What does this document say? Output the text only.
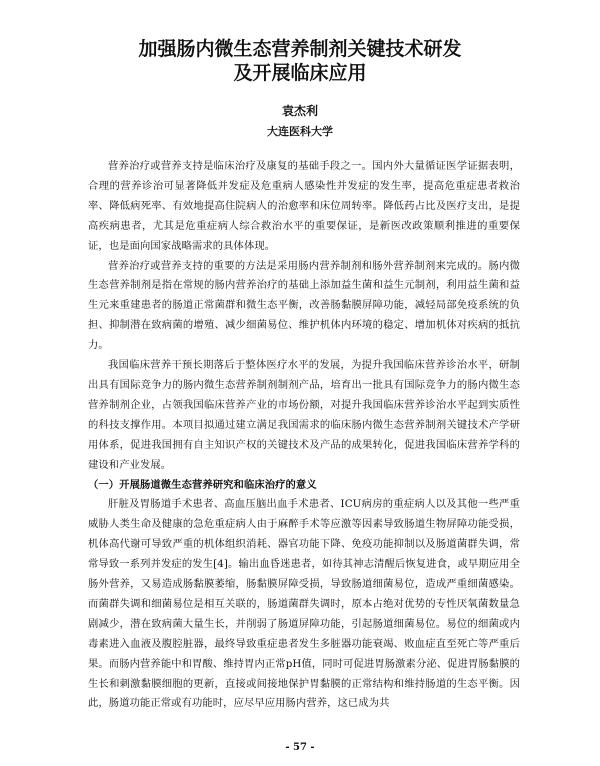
加强肠内微生态营养制剂关键技术研发
及开展临床应用
袁杰利
大连医科大学

营养治疗或营养支持是临床治疗及康复的基础手段之一。国内外大量循证医学证据表明，合理的营养诊治可显著降低并发症及危重病人感染性并发症的发生率，提高危重症患者救治率、降低病死率、有效地提高住院病人的治愈率和床位周转率。降低药占比及医疗支出，是提高疾病患者，尤其是危重症病人综合救治水平的重要保证，是新医改政策顺利推进的重要保证，也是面向国家战略需求的具体体现。

营养治疗或营养支持的重要的方法是采用肠内营养制剂和肠外营养制剂来完成的。肠内微生态营养制剂是指在常规的肠内营养治疗的基础上添加益生菌和益生元制剂，利用益生菌和益生元来重建患者的肠道正常菌群和微生态平衡，改善肠黏膜屏障功能，减轻局部免疫系统的负担、抑制潜在致病菌的增殖、减少细菌易位、维护机体内环境的稳定、增加机体对疾病的抵抗力。

我国临床营养干预长期落后于整体医疗水平的发展，为提升我国临床营养诊治水平，研制出具有国际竞争力的肠内微生态营养制剂制剂产品，培育出一批具有国际竞争力的肠内微生态营养制剂企业，占领我国临床营养产业的市场份额，对提升我国临床营养诊治水平起到实质性的科技支撑作用。本项目拟通过建立满足我国需求的临床肠内微生态营养制剂关键技术产学研用体系，促进我国拥有自主知识产权的关键技术及产品的成果转化，促进我国临床营养学科的建设和产业发展。

（一）开展肠道微生态营养研究和临床治疗的意义

肝脏及胃肠道手术患者、高血压脑出血手术患者、ICU病房的重症病人以及其他一些严重威胁人类生命及健康的急危重症病人由于麻醉手术等应激等因素导致肠道生物屏障功能受损，机体高代谢可导致严重的机体组织消耗、器官功能下降、免疫功能抑制以及肠道菌群失调，常常导致一系列并发症的发生[4]。输出血昏迷患者，如待其神志清醒后恢复进食，或早期应用全肠外营养，又易造成肠黏膜萎缩，肠黏膜屏障受损，导致肠道细菌易位，造成严重细菌感染。而菌群失调和细菌易位是相互关联的，肠道菌群失调时，原本占绝对优势的专性厌氧菌数量急剧减少，潜在致病菌大量生长，并削弱了肠道屏障功能，引起肠道细菌易位。易位的细菌或内毒素进入血液及腹腔脏器，最终导致重症患者发生多脏器功能衰竭、败血症直至死亡等严重后果。而肠内营养能中和胃酸、维持胃内正常pH值，同时可促进胃肠激素分泌、促进胃肠黏膜的生长和刺激黏膜细胞的更新，直接或间接地保护胃黏膜的正常结构和维持肠道的生态平衡。因此，肠道功能正常或有功能时，应尽早应用肠内营养，这已成为共

- 57 -
